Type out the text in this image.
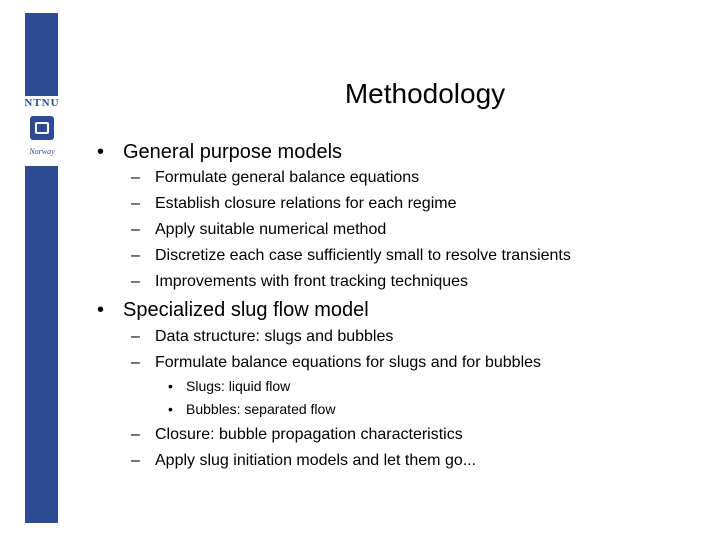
NTNU
Norway
Methodology
• General purpose models
– Formulate general balance equations
– Establish closure relations for each regime
– Apply suitable numerical method
– Discretize each case sufficiently small to resolve transients
– Improvements with front tracking techniques
• Specialized slug flow model
– Data structure: slugs and bubbles
– Formulate balance equations for slugs and for bubbles
• Slugs: liquid flow
• Bubbles: separated flow
– Closure: bubble propagation characteristics
– Apply slug initiation models and let them go...
